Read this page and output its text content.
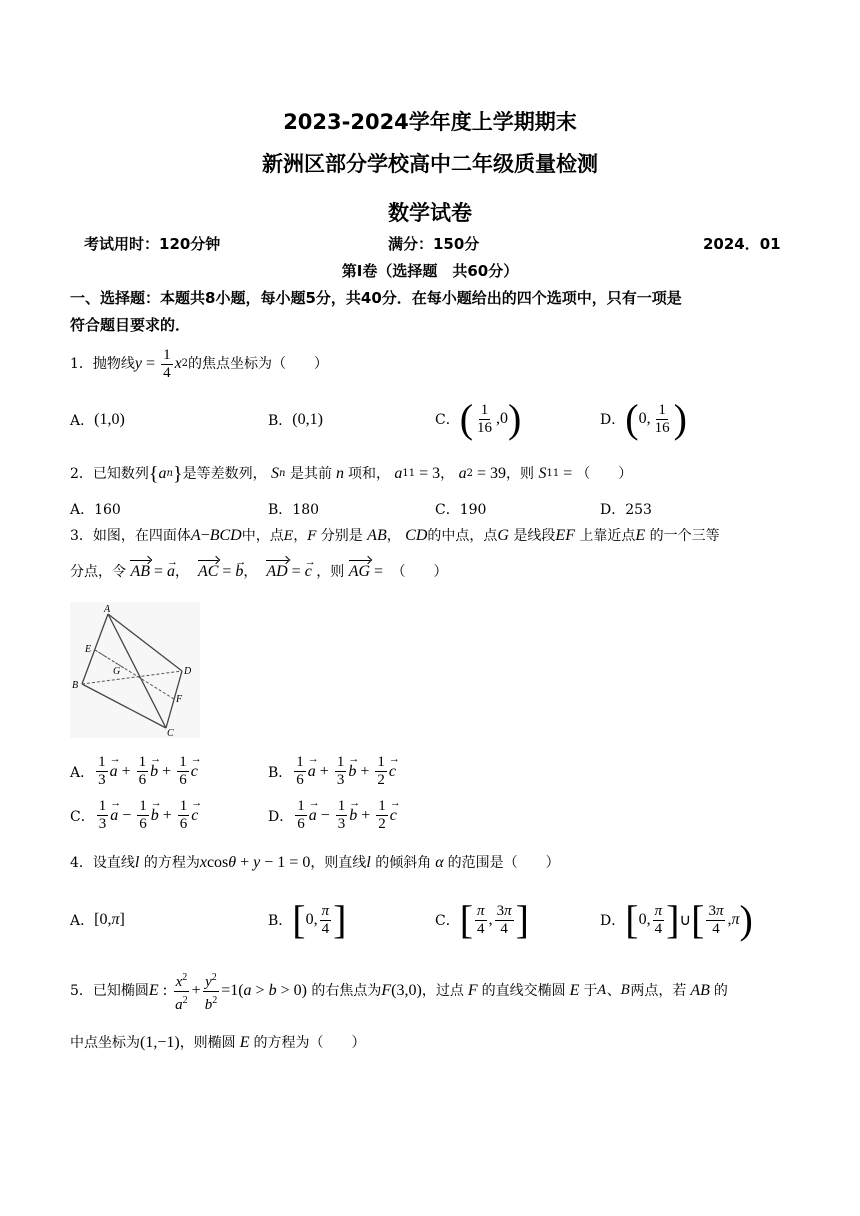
2023-2024学年度上学期期末
新洲区部分学校高中二年级质量检测
数学试卷
考试用时：120分钟	满分：150分	2024．01
第I卷（选择题　共60分）
一、选择题：本题共8小题，每小题5分，共40分．在每小题给出的四个选项中，只有一项是
符合题目要求的．
1．抛物线 $y = \frac{1}{4}$ x 2 的焦点坐标为（　　）
A． (1,0)	B． (0,1)	C． ( $\frac{1}{16} ,0$ )	D． ( 0, $\frac{1}{16}$ )
2．已知数列 { a n } 是等差数列，
S n
是其前 n 项和，
a 11 = 3 ， a 2 = 39 ，则
S 11 = （　　）
A．160	B．180	C．190	D．253
3．如图，在四面体A−BCD中，点E，F 分别是 AB， CD的中点，点G 是线段EF 上靠近点E 的一个三等
分点，令 AB = → a，  AC = → b，  AD = → c ，则 AG =  （　　）
A
E
G	D
B
F
C
A． $\frac{1}{3}$
→ $a + \frac{1}{6}$
→ $b + \frac{1}{6}$
→ c	B． $\frac{1}{6}$
→ $a + \frac{1}{3}$
→ $b + \frac{1}{2}$
→ c
C． $\frac{1}{3}$
→ $a - \frac{1}{6}$
→ $b + \frac{1}{6}$
→ c	D． $\frac{1}{6}$
→ $a - \frac{1}{3}$
→ $b + \frac{1}{2}$
→ c
4．设直线l 的方程为xcosθ + y − 1 = 0，则直线l 的倾斜角 α 的范围是（　　）
A． [0, π ]	B． [ 0, $\frac{\pi}{4}$ ]	C． [ $\frac{\pi}{4}$ , $\frac{3\pi}{4}$ ]	D． [ 0, $\frac{\pi}{4}$ ] ∪ [ $\frac{3\pi}{4}$ , π )
5．已知椭圆 E : $\frac{x^2}{a^2} + \frac{y^2}{b^2} =1$( a > b > 0)
的右焦点为 F (3,0) ，过点 F 的直线交椭圆 E 于 A 、 B 两点，若 AB 的
中点坐标为(1,−1)，则椭圆 E 的方程为（　　）
